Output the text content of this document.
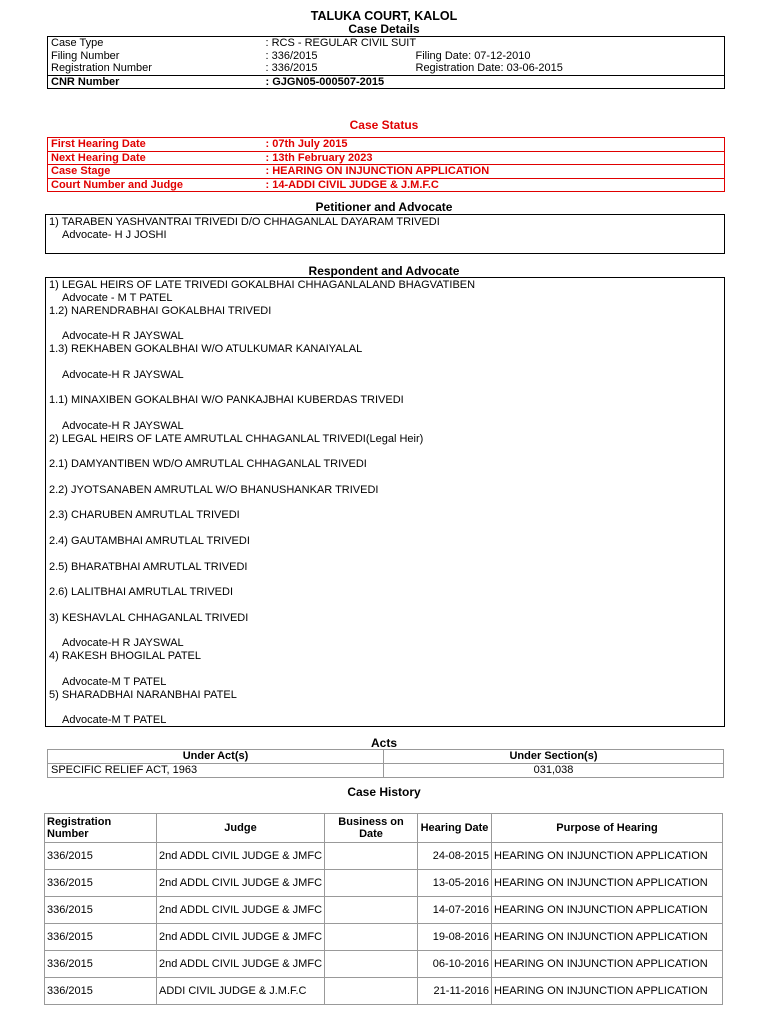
TALUKA COURT, KALOL
Case Details
Case Type	: RCS - REGULAR CIVIL SUIT	
Filing Number	: 336/2015	Filing Date: 07-12-2010
Registration Number	: 336/2015	Registration Date: 03-06-2015
CNR Number	: GJGN05-000507-2015	
Case Status
First Hearing Date	: 07th July 2015
Next Hearing Date	: 13th February 2023
Case Stage	: HEARING ON INJUNCTION APPLICATION
Court Number and Judge	: 14-ADDI CIVIL JUDGE & J.M.F.C
Petitioner and Advocate
1) TARABEN YASHVANTRAI TRIVEDI D/O CHHAGANLAL DAYARAM TRIVEDI
Advocate- H J JOSHI
Respondent and Advocate
1) LEGAL HEIRS OF LATE TRIVEDI GOKALBHAI CHHAGANLALAND BHAGVATIBEN
Advocate - M T PATEL
1.2) NARENDRABHAI GOKALBHAI TRIVEDI

Advocate-H R JAYSWAL
1.3) REKHABEN GOKALBHAI W/O ATULKUMAR KANAIYALAL

Advocate-H R JAYSWAL

1.1) MINAXIBEN GOKALBHAI W/O PANKAJBHAI KUBERDAS TRIVEDI

Advocate-H R JAYSWAL
2) LEGAL HEIRS OF LATE AMRUTLAL CHHAGANLAL TRIVEDI(Legal Heir)

2.1) DAMYANTIBEN WD/O AMRUTLAL CHHAGANLAL TRIVEDI

2.2) JYOTSANABEN AMRUTLAL W/O BHANUSHANKAR TRIVEDI

2.3) CHARUBEN AMRUTLAL TRIVEDI

2.4) GAUTAMBHAI AMRUTLAL TRIVEDI

2.5) BHARATBHAI AMRUTLAL TRIVEDI

2.6) LALITBHAI AMRUTLAL TRIVEDI

3) KESHAVLAL CHHAGANLAL TRIVEDI

Advocate-H R JAYSWAL
4) RAKESH BHOGILAL PATEL

Advocate-M T PATEL
5) SHARADBHAI NARANBHAI PATEL

Advocate-M T PATEL
Acts
Under Act(s)	Under Section(s)
SPECIFIC RELIEF ACT, 1963	031,038
Case History
Registration Number	Judge	Business on Date	Hearing Date	Purpose of Hearing
336/2015	2nd ADDL CIVIL JUDGE & JMFC		24-08-2015	HEARING ON INJUNCTION APPLICATION
336/2015	2nd ADDL CIVIL JUDGE & JMFC		13-05-2016	HEARING ON INJUNCTION APPLICATION
336/2015	2nd ADDL CIVIL JUDGE & JMFC		14-07-2016	HEARING ON INJUNCTION APPLICATION
336/2015	2nd ADDL CIVIL JUDGE & JMFC		19-08-2016	HEARING ON INJUNCTION APPLICATION
336/2015	2nd ADDL CIVIL JUDGE & JMFC		06-10-2016	HEARING ON INJUNCTION APPLICATION
336/2015	ADDI CIVIL JUDGE & J.M.F.C		21-11-2016	HEARING ON INJUNCTION APPLICATION
